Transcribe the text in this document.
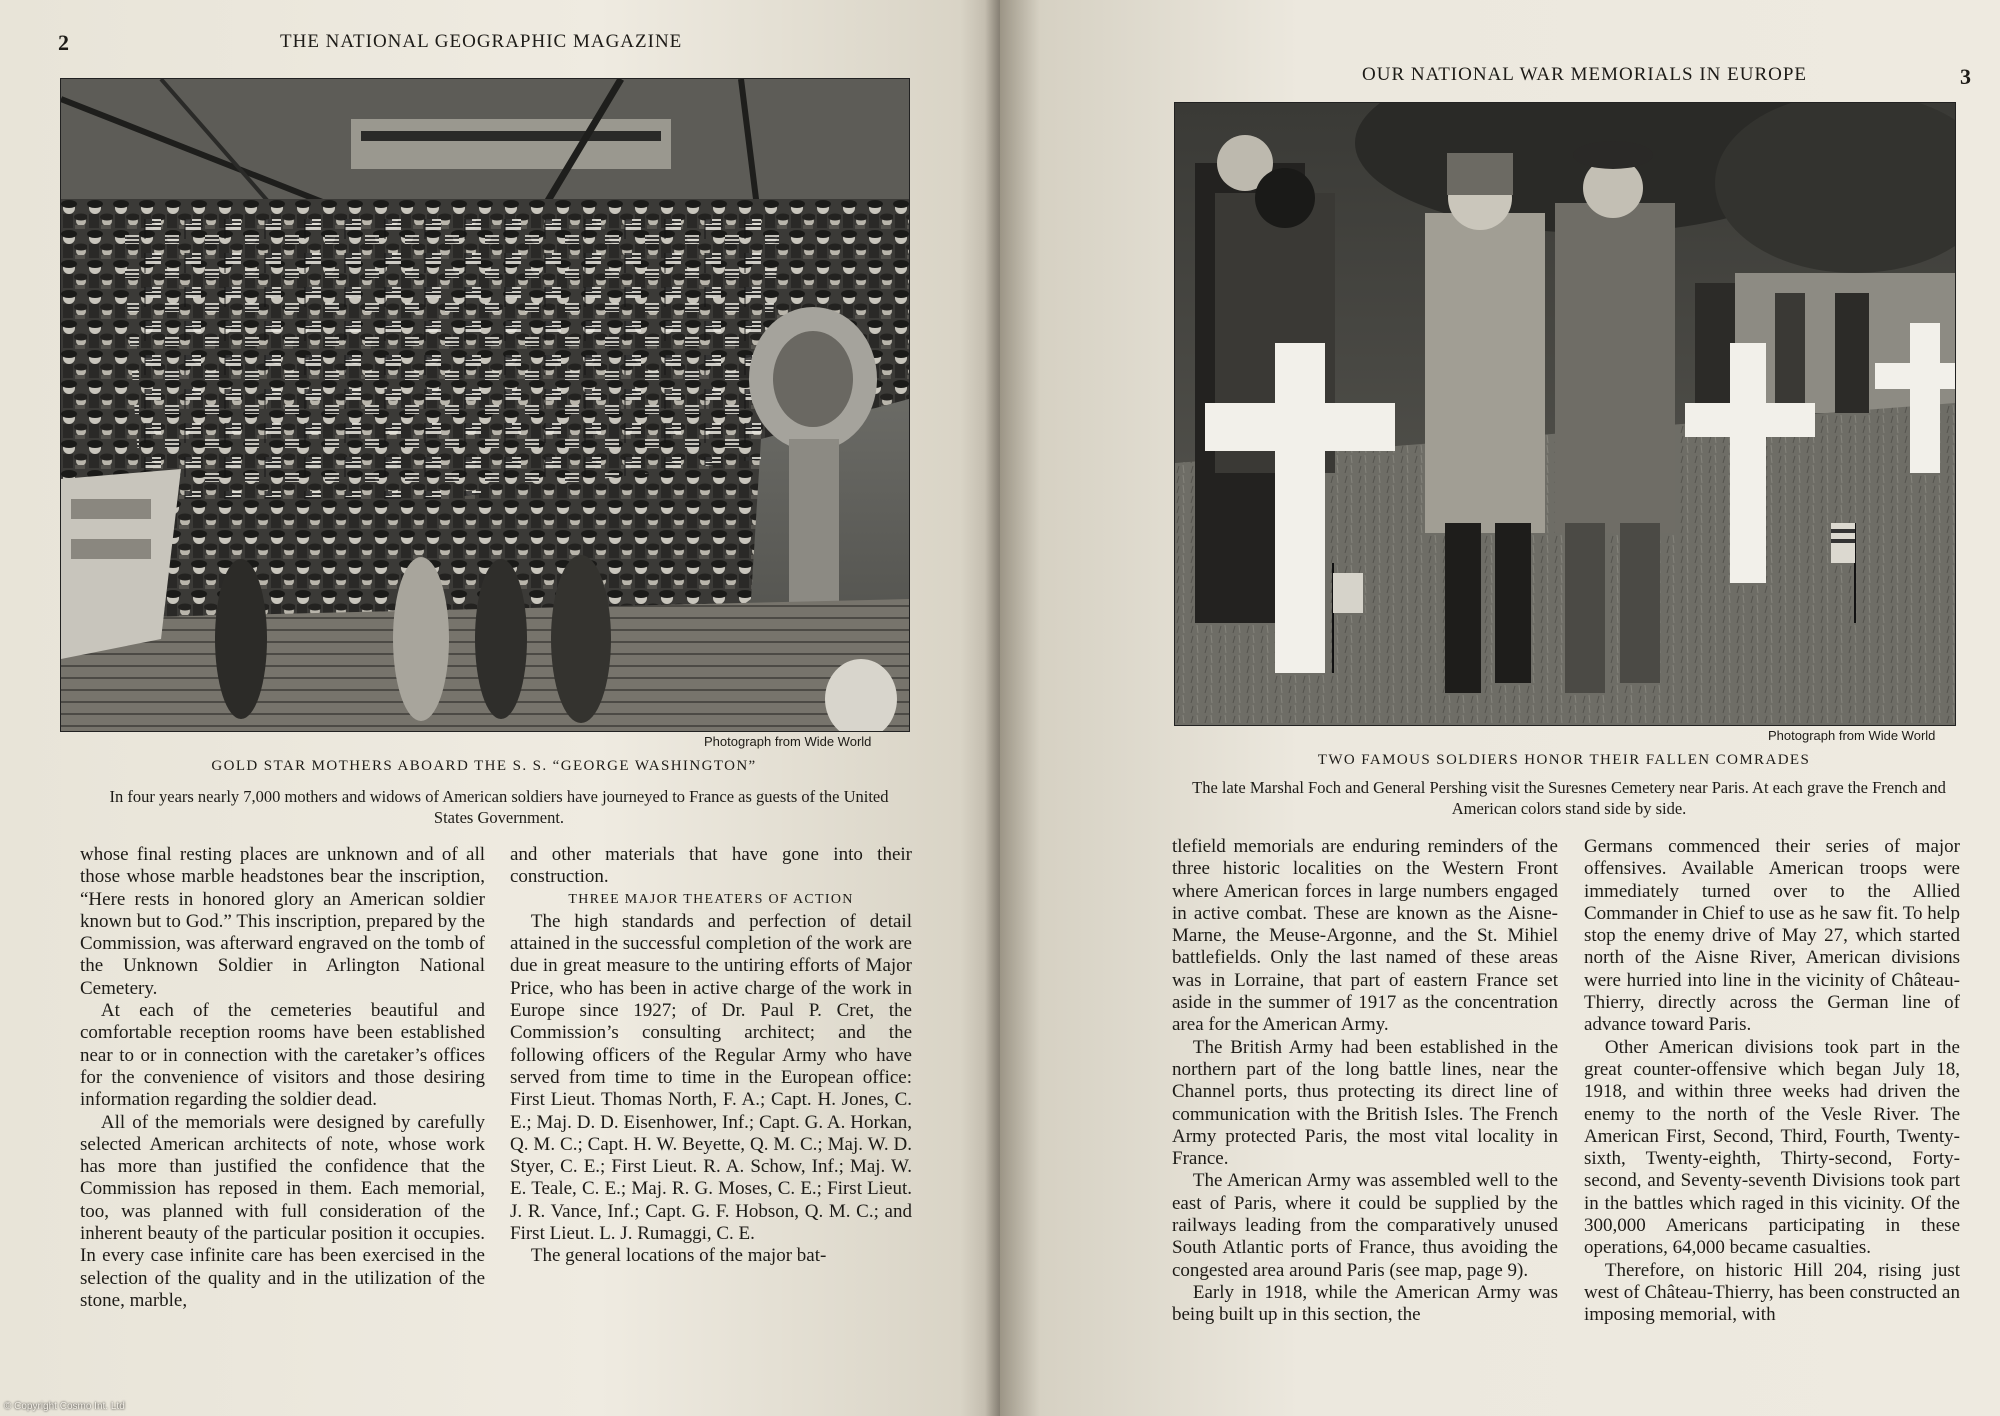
2	THE NATIONAL GEOGRAPHIC MAGAZINE
Photograph from Wide World
GOLD STAR MOTHERS ABOARD THE S. S. “GEORGE WASHINGTON”
In four years nearly 7,000 mothers and widows of American soldiers have journeyed to France as guests of the United States Government.

whose final resting places are unknown and of all those whose marble headstones bear the inscription, “Here rests in honored glory an American soldier known but to God.” This inscription, prepared by the Commission, was afterward engraved on the tomb of the Unknown Soldier in Arlington National Cemetery.

At each of the cemeteries beautiful and comfortable reception rooms have been established near to or in connection with the caretaker’s offices for the convenience of visitors and those desiring information regarding the soldier dead.

All of the memorials were designed by carefully selected American architects of note, whose work has more than justified the confidence that the Commission has reposed in them. Each memorial, too, was planned with full consideration of the inherent beauty of the particular position it occupies. In every case infinite care has been exercised in the selection of the quality and in the utilization of the stone, marble,

and other materials that have gone into their construction.

THREE MAJOR THEATERS OF ACTION

The high standards and perfection of detail attained in the successful completion of the work are due in great measure to the untiring efforts of Major Price, who has been in active charge of the work in Europe since 1927; of Dr. Paul P. Cret, the Commission’s consulting architect; and the following officers of the Regular Army who have served from time to time in the European office: First Lieut. Thomas North, F. A.; Capt. H. Jones, C. E.; Maj. D. D. Eisenhower, Inf.; Capt. G. A. Horkan, Q. M. C.; Capt. H. W. Beyette, Q. M. C.; Maj. W. D. Styer, C. E.; First Lieut. R. A. Schow, Inf.; Maj. W. E. Teale, C. E.; Maj. R. G. Moses, C. E.; First Lieut. J. R. Vance, Inf.; Capt. G. F. Hobson, Q. M. C.; and First Lieut. L. J. Rumaggi, C. E.

The general locations of the major bat-

© Copyright Cosmo Int. Ltd
OUR NATIONAL WAR MEMORIALS IN EUROPE	3
Photograph from Wide World
TWO FAMOUS SOLDIERS HONOR THEIR FALLEN COMRADES
The late Marshal Foch and General Pershing visit the Suresnes Cemetery near Paris. At each grave the French and American colors stand side by side.

tlefield memorials are enduring reminders of the three historic localities on the Western Front where American forces in large numbers engaged in active combat. These are known as the Aisne-Marne, the Meuse-Argonne, and the St. Mihiel battlefields. Only the last named of these areas was in Lorraine, that part of eastern France set aside in the summer of 1917 as the concentration area for the American Army.

The British Army had been established in the northern part of the long battle lines, near the Channel ports, thus protecting its direct line of communication with the British Isles. The French Army protected Paris, the most vital locality in France.

The American Army was assembled well to the east of Paris, where it could be supplied by the railways leading from the comparatively unused South Atlantic ports of France, thus avoiding the congested area around Paris (see map, page 9).

Early in 1918, while the American Army was being built up in this section, the

Germans commenced their series of major offensives. Available American troops were immediately turned over to the Allied Commander in Chief to use as he saw fit. To help stop the enemy drive of May 27, which started north of the Aisne River, American divisions were hurried into line in the vicinity of Château-Thierry, directly across the German line of advance toward Paris.

Other American divisions took part in the great counter-offensive which began July 18, 1918, and within three weeks had driven the enemy to the north of the Vesle River. The American First, Second, Third, Fourth, Twenty-sixth, Twenty-eighth, Thirty-second, Forty-second, and Seventy-seventh Divisions took part in the battles which raged in this vicinity. Of the 300,000 Americans participating in these operations, 64,000 became casualties.

Therefore, on historic Hill 204, rising just west of Château-Thierry, has been constructed an imposing memorial, with
